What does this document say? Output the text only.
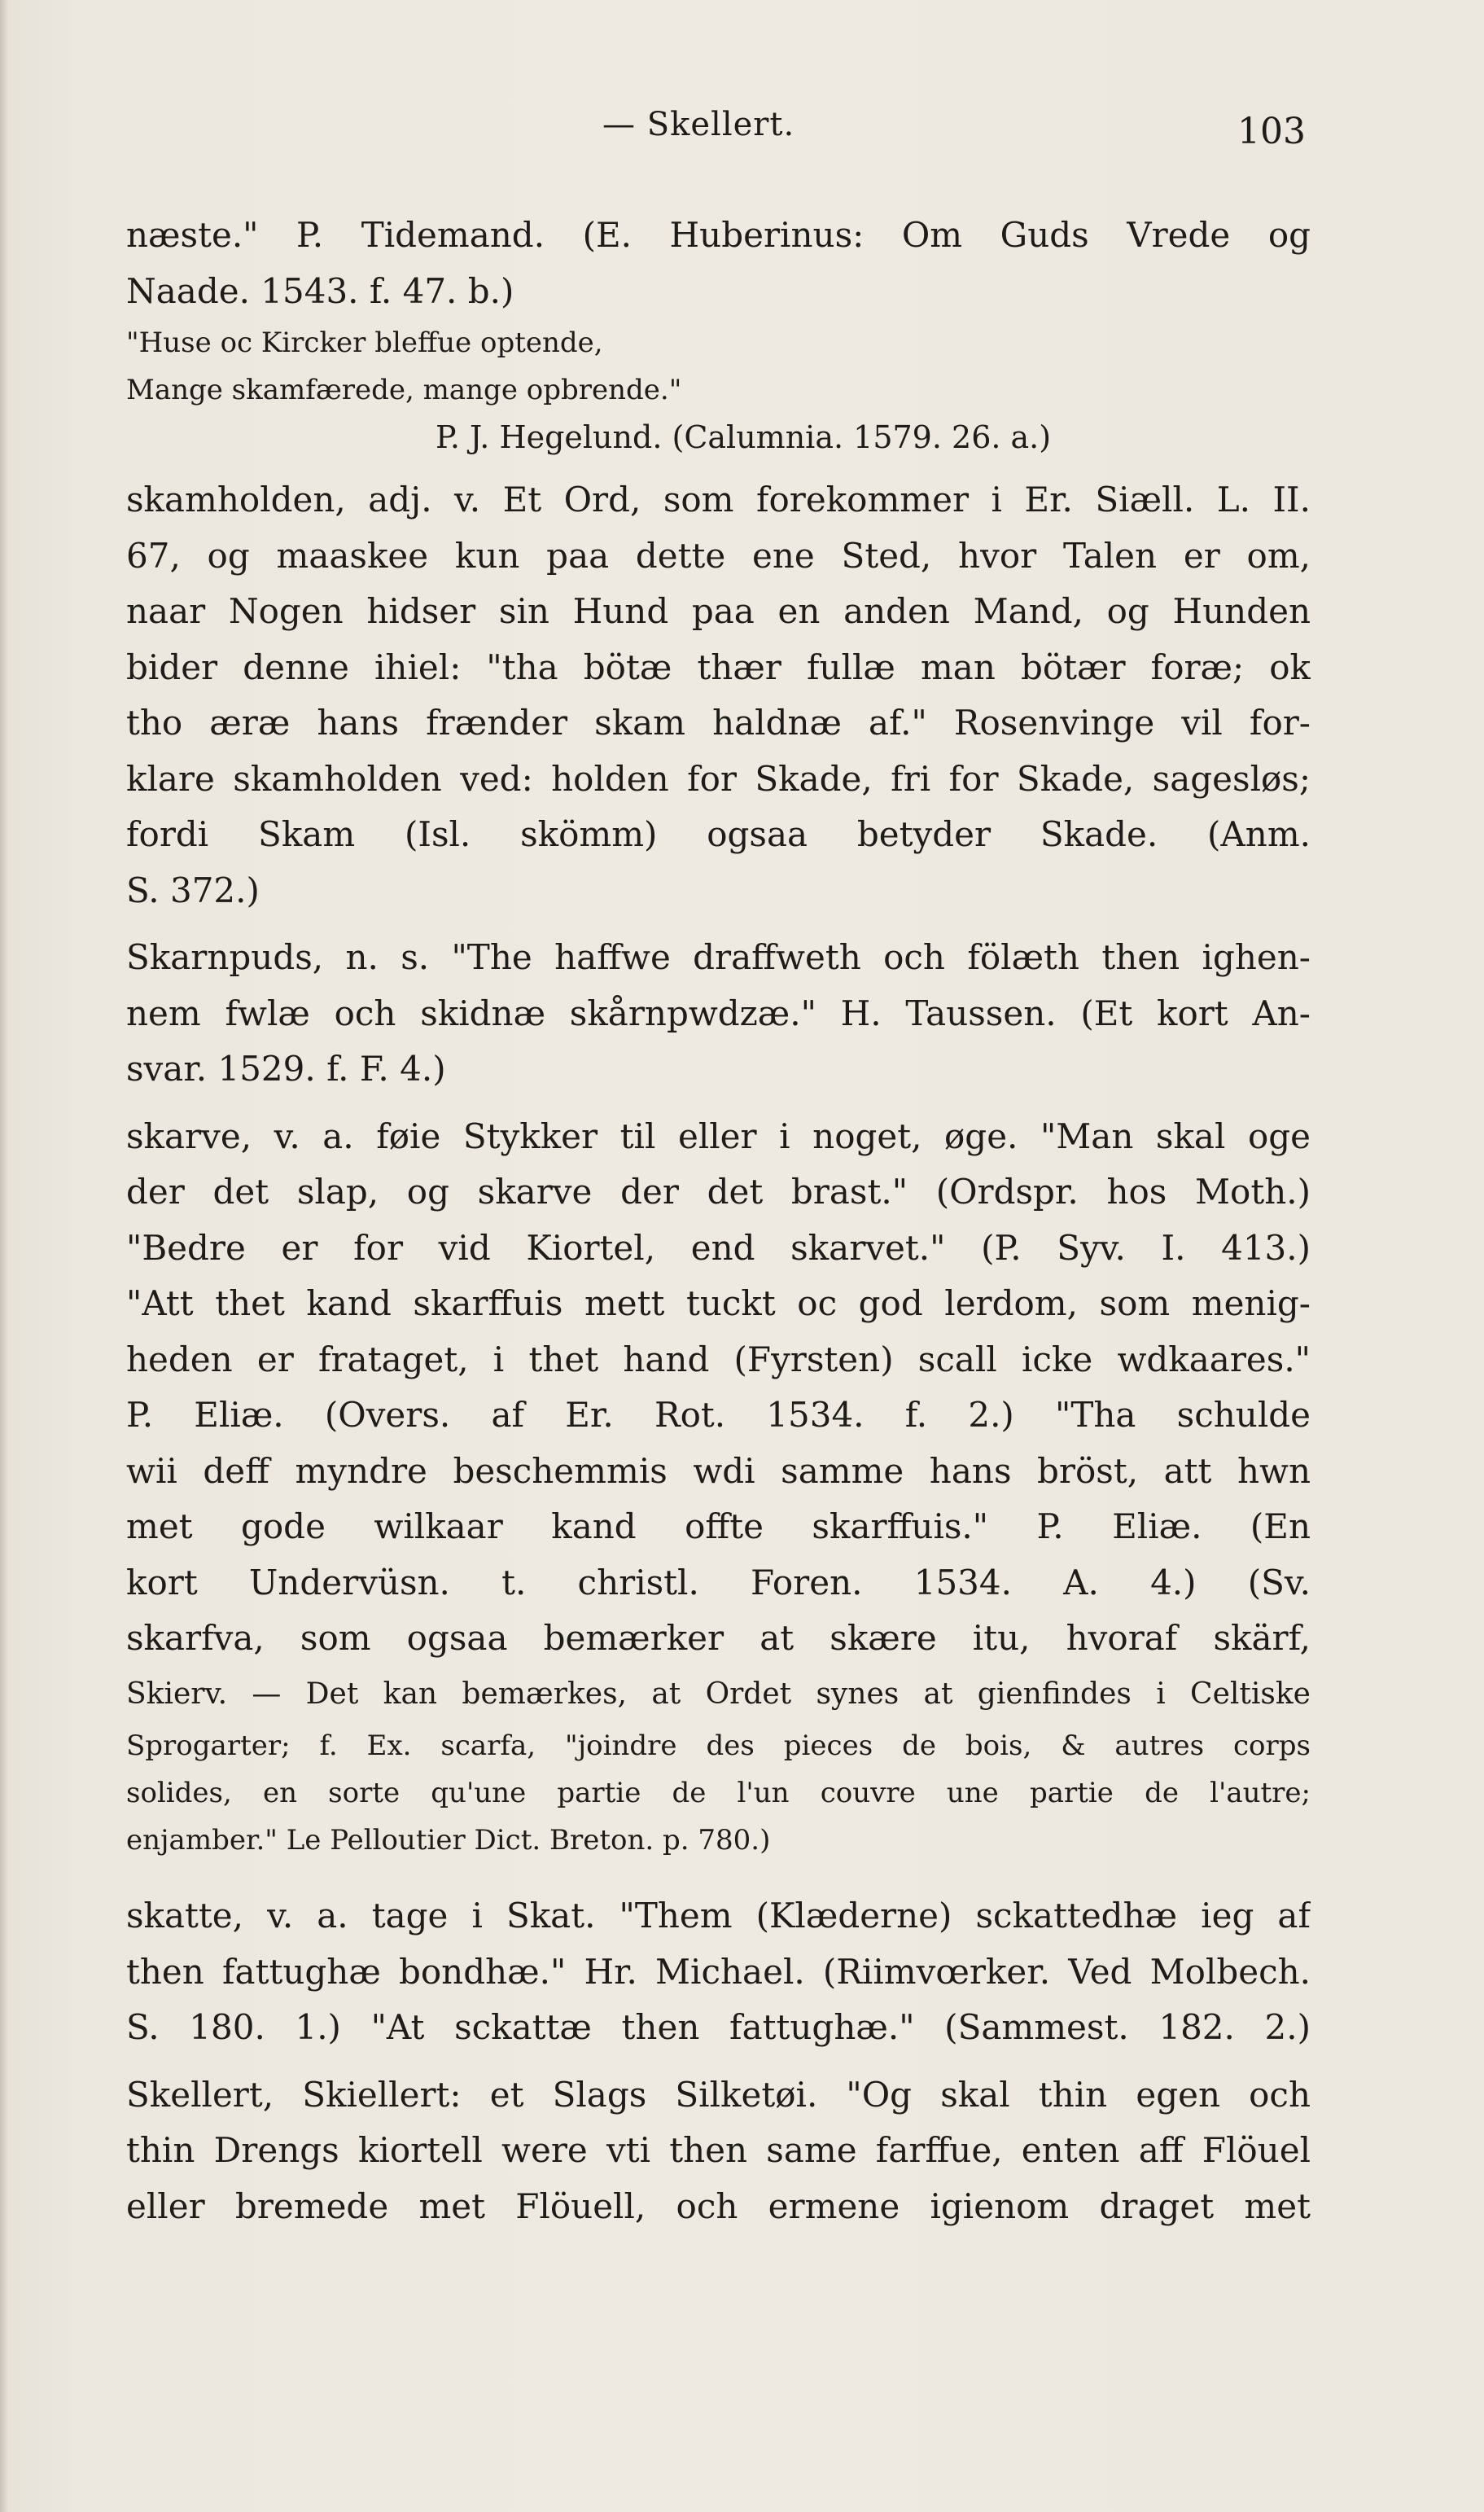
— Skellert.	103
næste." P. Tidemand. (E. Huberinus: Om Guds Vrede og
Naade. 1543. f. 47. b.)
"Huse oc Kircker bleffue optende,
Mange skamfærede, mange opbrende."
P. J. Hegelund. (Calumnia. 1579. 26. a.)
skamholden, adj. v. Et Ord, som forekommer i Er. Siæll. L. II.
67, og maaskee kun paa dette ene Sted, hvor Talen er om,
naar Nogen hidser sin Hund paa en anden Mand, og Hunden
bider denne ihiel: "tha bötæ thær fullæ man bötær foræ; ok
tho æræ hans frænder skam haldnæ af." Rosenvinge vil for-
klare skamholden ved: holden for Skade, fri for Skade, sagesløs; fordi Skam (Isl. skömm) ogsaa betyder Skade. (Anm.
S. 372.)
Skarnpuds, n. s. "The haffwe draffweth och fölæth then ighen-
nem fwlæ och skidnæ skårnpwdzæ." H. Taussen. (Et kort An-
svar. 1529. f. F. 4.)
skarve, v. a. føie Stykker til eller i noget, øge. "Man skal oge
der det slap, og skarve der det brast." (Ordspr. hos Moth.)
"Bedre er for vid Kiortel, end skarvet." (P. Syv. I. 413.)
"Att thet kand skarffuis mett tuckt oc god lerdom, som menig-
heden er frataget, i thet hand (Fyrsten) scall icke wdkaares."
P. Eliæ. (Overs. af Er. Rot. 1534. f. 2.) "Tha schulde
wii deff myndre beschemmis wdi samme hans bröst, att hwn
met gode wilkaar kand offte skarffuis." P. Eliæ. (En
kort Undervüsn. t. christl. Foren. 1534. A. 4.) (Sv.
skarfva, som ogsaa bemærker at skære itu, hvoraf skärf,
Skierv. — Det kan bemærkes, at Ordet synes at gienfindes i Celtiske
Sprogarter; f. Ex. scarfa, "joindre des pieces de bois, & autres corps
solides, en sorte qu'une partie de l'un couvre une partie de l'autre;
enjamber." Le Pelloutier Dict. Breton. p. 780.)
skatte, v. a. tage i Skat. "Them (Klæderne) sckattedhæ ieg af
then fattughæ bondhæ." Hr. Michael. (Riimvœrker. Ved Molbech.
S. 180. 1.) "At sckattæ then fattughæ." (Sammest. 182. 2.)
Skellert, Skiellert: et Slags Silketøi. "Og skal thin egen och
thin Drengs kiortell were vti then same farffue, enten aff Flöuel
eller bremede met Flöuell, och ermene igienom draget met
